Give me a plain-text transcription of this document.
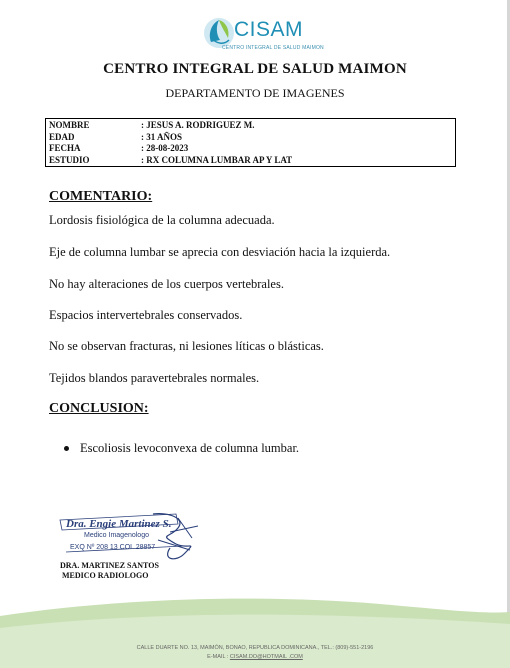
CISAM
CENTRO INTEGRAL DE SALUD MAIMON
CENTRO INTEGRAL DE SALUD MAIMON
DEPARTAMENTO DE IMAGENES
NOMBRE	: JESUS A. RODRIGUEZ M.
EDAD	: 31 AÑOS
FECHA	: 28-08-2023
ESTUDIO	: RX COLUMNA LUMBAR AP Y LAT
COMENTARIO:
Lordosis fisiológica de la columna adecuada.
Eje de columna lumbar se aprecia con desviación hacia la izquierda.
No hay alteraciones de los cuerpos vertebrales.
Espacios intervertebrales conservados.
No se observan fracturas, ni lesiones líticas o blásticas.
Tejidos blandos paravertebrales normales.
CONCLUSION:
Escoliosis levoconvexa de columna lumbar.
Dra. Engie Martinez S.
Medico Imagenologo
EXQ Nº 208 13 COL 28857
DRA. MARTINEZ SANTOS
MEDICO RADIOLOGO
CALLE DUARTE NO. 13, MAIMÓN, BONAO, REPUBLICA DOMINICANA., TEL.: (809)-551-2196
E-MAIL : CISAM.DO@HOTMAIL .COM
